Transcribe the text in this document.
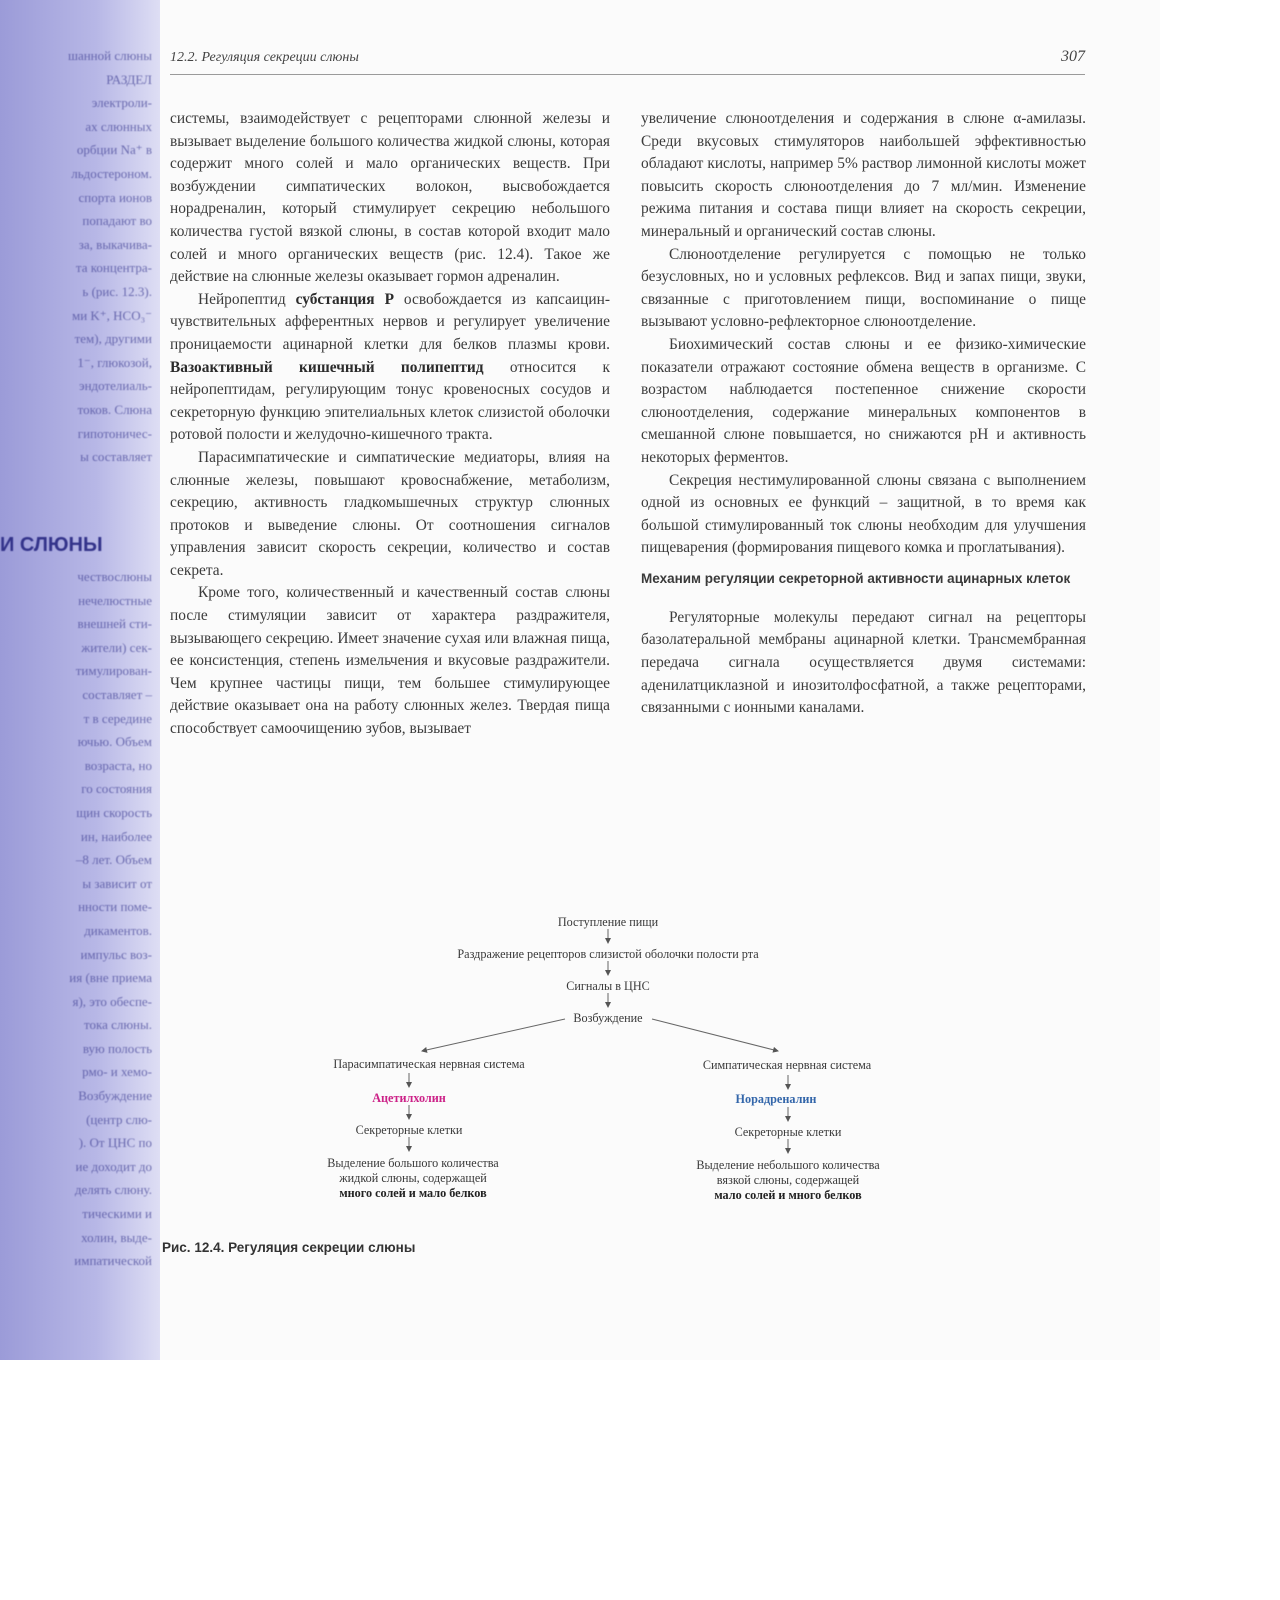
шанной слюны
РАЗДЕЛ
электроли-
ах слюнных
орбции Na⁺ в
льдостероном.
спорта ионов
попадают во
за, выкачива-
та концентра-
ь (рис. 12.3).
ми K⁺, HCO₃⁻
тем), другими
1⁻, глюкозой,
эндотелиаль-
токов. Слюна
гипотоничес-
ы составляет
И СЛЮНЫ
чествослюны
нечелюстные
внешней сти-
жители) сек-
тимулирован-
составляет –
т в середине
ючью. Объем
возраста, но
го состояния
щин скорость
ин, наиболее
–8 лет. Объем
ы зависит от
нности поме-
дикаментов.
импульс воз-
ия (вне приема
я), это обеспе-
тока слюны.
вую полость
рмо- и хемо-
Возбуждение
(центр слю-
). От ЦНС по
ие доходит до
делять слюну.
тическими и
холин, выде-
импатической
12.2. Регуляция секреции слюны	307

системы, взаимодействует с рецепторами слюнной железы и вызывает выделение большого количества жидкой слюны, которая содержит много солей и мало органических веществ. При возбуждении симпатических волокон, высвобождается норадреналин, который стимулирует секрецию небольшого количества густой вязкой слюны, в состав которой входит мало солей и много органических веществ (рис. 12.4). Такое же действие на слюнные железы оказывает гормон адреналин.

Нейропептид субстанция Р освобождается из капсаицин-чувствительных афферентных нервов и регулирует увеличение проницаемости ацинарной клетки для белков плазмы крови. Вазоактивный кишечный полипептид относится к нейропептидам, регулирующим тонус кровеносных сосудов и секреторную функцию эпителиальных клеток слизистой оболочки ротовой полости и желудочно-кишечного тракта.

Парасимпатические и симпатические медиаторы, влияя на слюнные железы, повышают кровоснабжение, метаболизм, секрецию, активность гладкомышечных структур слюнных протоков и выведение слюны. От соотношения сигналов управления зависит скорость секреции, количество и состав секрета.

Кроме того, количественный и качественный состав слюны после стимуляции зависит от характера раздражителя, вызывающего секрецию. Имеет значение сухая или влажная пища, ее консистенция, степень измельчения и вкусовые раздражители. Чем крупнее частицы пищи, тем большее стимулирующее действие оказывает она на работу слюнных желез. Твердая пища способствует самоочищению зубов, вызывает

увеличение слюноотделения и содержания в слюне α-амилазы. Среди вкусовых стимуляторов наибольшей эффективностью обладают кислоты, например 5% раствор лимонной кислоты может повысить скорость слюноотделения до 7 мл/мин. Изменение режима питания и состава пищи влияет на скорость секреции, минеральный и органический состав слюны.

Слюноотделение регулируется с помощью не только безусловных, но и условных рефлексов. Вид и запах пищи, звуки, связанные с приготовлением пищи, воспоминание о пище вызывают условно-рефлекторное слюноотделение.

Биохимический состав слюны и ее физико-химические показатели отражают состояние обмена веществ в организме. С возрастом наблюдается постепенное снижение скорости слюноотделения, содержание минеральных компонентов в смешанной слюне повышается, но снижаются pH и активность некоторых ферментов.

Секреция нестимулированной слюны связана с выполнением одной из основных ее функций – защитной, в то время как большой стимулированный ток слюны необходим для улучшения пищеварения (формирования пищевого комка и проглатывания).

Механим регуляции секреторной активности ацинарных клеток

Регуляторные молекулы передают сигнал на рецепторы базолатеральной мембраны ацинарной клетки. Трансмембранная передача сигнала осуществляется двумя системами: аденилатциклазной и инозитолфосфатной, а также рецепторами, связанными с ионными каналами.

Поступление пищи
Раздражение рецепторов слизистой оболочки полости рта
Сигналы в ЦНС
Возбуждение
Парасимпатическая нервная система
Ацетилхолин
Секреторные клетки
Выделение большого количества
жидкой слюны, содержащей
много солей и мало белков
Симпатическая нервная система
Норадреналин
Секреторные клетки
Выделение небольшого количества
вязкой слюны, содержащей
мало солей и много белков
Рис. 12.4. Регуляция секреции слюны
